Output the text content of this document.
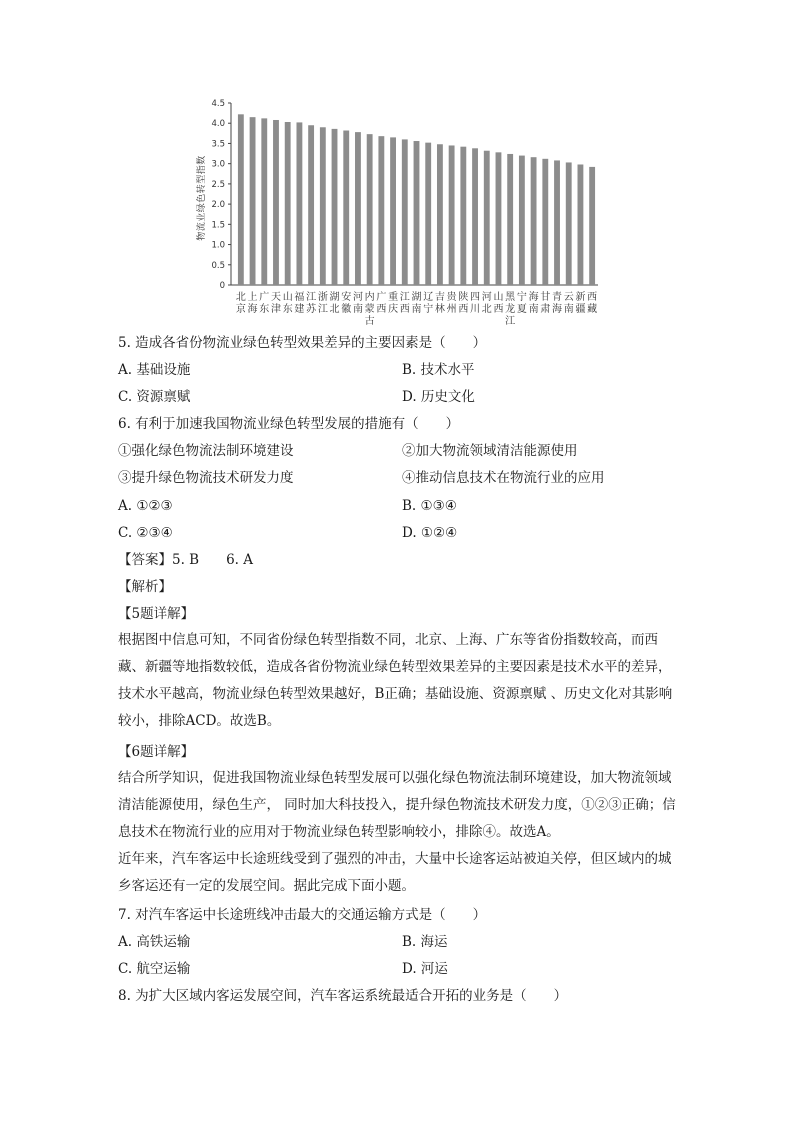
0
0.5
1.0
1.5
2.0
2.5
3.0
3.5
4.0
4.5
北
京
上
海
广
东
天
津
山
东
福
建
江
苏
浙
江
湖
北
安
徽
河
南
内
蒙
古
广
西
重
庆
江
西
湖
南
辽
宁
吉
林
贵
州
陕
西
四
川
河
北
山
西
黑
龙
江
宁
夏
海
南
甘
肃
青
海
云
南
新
疆
西
藏
物流业绿色转型指数
5. 造成各省份物流业绿色转型效果差异的主要因素是（　　）
A. 基础设施	B. 技术水平
C. 资源禀赋	D. 历史文化
6. 有利于加速我国物流业绿色转型发展的措施有（　　）
①强化绿色物流法制环境建设	②加大物流领域清洁能源使用
③提升绿色物流技术研发力度	④推动信息技术在物流行业的应用
A. ①②③	B. ①③④
C. ②③④	D. ①②④
【答案】5. B　　6. A
【解析】
【5题详解】
根据图中信息可知，不同省份绿色转型指数不同，北京、上海、广东等省份指数较高，而西藏、新疆等地指数较低，造成各省份物流业绿色转型效果差异的主要因素是技术水平的差异，技术水平越高，物流业绿色转型效果越好，B正确；基础设施、资源禀赋 、历史文化对其影响较小，排除ACD。故选B。
【6题详解】
结合所学知识，促进我国物流业绿色转型发展可以强化绿色物流法制环境建设，加大物流领域清洁能源使用，绿色生产， 同时加大科技投入，提升绿色物流技术研发力度，①②③正确；信息技术在物流行业的应用对于物流业绿色转型影响较小，排除④。故选A。
近年来，汽车客运中长途班线受到了强烈的冲击，大量中长途客运站被迫关停，但区域内的城乡客运还有一定的发展空间。据此完成下面小题。
7. 对汽车客运中长途班线冲击最大的交通运输方式是（　　）
A. 高铁运输	B. 海运
C. 航空运输	D. 河运
8. 为扩大区域内客运发展空间，汽车客运系统最适合开拓的业务是（　　）
